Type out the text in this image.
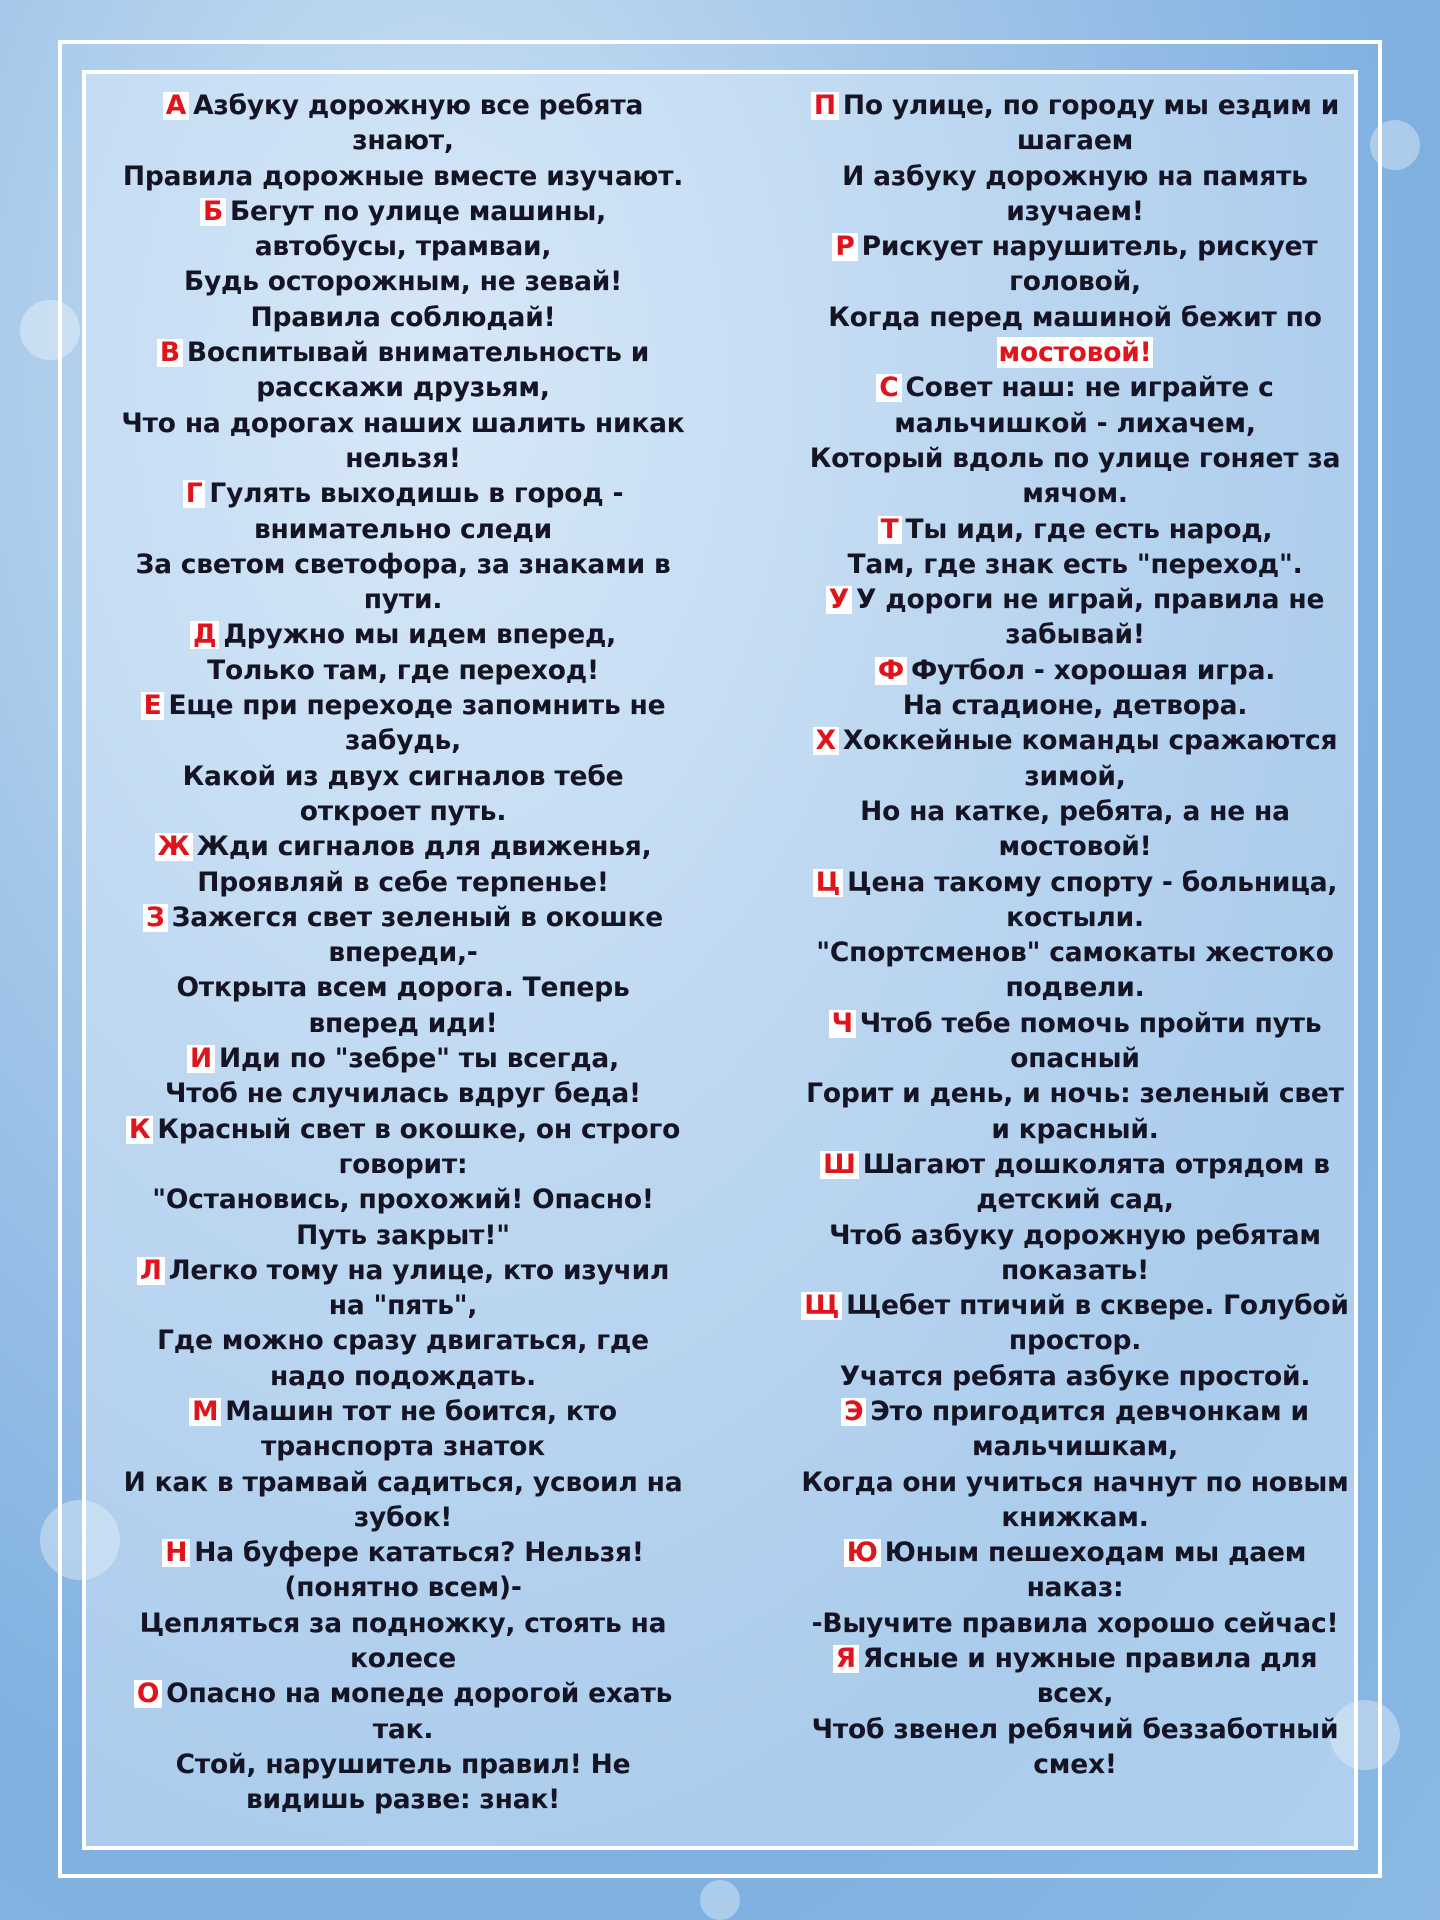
А Азбуку дорожную все ребята
знают,
Правила дорожные вместе изучают.
Б Бегут по улице машины,
автобусы, трамваи,
Будь осторожным, не зевай!
Правила соблюдай!
В Воспитывай внимательность и
расскажи друзьям,
Что на дорогах наших шалить никак
нельзя!
Г Гулять выходишь в город -
внимательно следи
За светом светофора, за знаками в
пути.
Д Дружно мы идем вперед,
Только там, где переход!
Е Еще при переходе запомнить не
забудь,
Какой из двух сигналов тебе
откроет путь.
Ж Жди сигналов для движенья,
Проявляй в себе терпенье!
З Зажегся свет зеленый в окошке
впереди,-
Открыта всем дорога. Теперь
вперед иди!
И Иди по "зебре" ты всегда,
Чтоб не случилась вдруг беда!
К Красный свет в окошке, он строго
говорит:
"Остановись, прохожий! Опасно!
Путь закрыт!"
Л Легко тому на улице, кто изучил
на "пять",
Где можно сразу двигаться, где
надо подождать.
М Машин тот не боится, кто
транспорта знаток
И как в трамвай садиться, усвоил на
зубок!
Н На буфере кататься? Нельзя!
(понятно всем)-
Цепляться за подножку, стоять на
колесе
О Опасно на мопеде дорогой ехать
так.
Стой, нарушитель правил! Не
видишь разве: знак!
П По улице, по городу мы ездим и
шагаем
И азбуку дорожную на память
изучаем!
Р Рискует нарушитель, рискует
головой,
Когда перед машиной бежит по
мостовой!
С Совет наш: не играйте с
мальчишкой - лихачем,
Который вдоль по улице гоняет за
мячом.
Т Ты иди, где есть народ,
Там, где знак есть "переход".
У У дороги не играй, правила не
забывай!
Ф Футбол - хорошая игра.
На стадионе, детвора.
Х Хоккейные команды сражаются
зимой,
Но на катке, ребята, а не на
мостовой!
Ц Цена такому спорту - больница,
костыли.
"Спортсменов" самокаты жестоко
подвели.
Ч Чтоб тебе помочь пройти путь
опасный
Горит и день, и ночь: зеленый свет
и красный.
Ш Шагают дошколята отрядом в
детский сад,
Чтоб азбуку дорожную ребятам
показать!
Щ Щебет птичий в сквере. Голубой
простор.
Учатся ребята азбуке простой.
Э Это пригодится девчонкам и
мальчишкам,
Когда они учиться начнут по новым
книжкам.
Ю Юным пешеходам мы даем
наказ:
-Выучите правила хорошо сейчас!
Я Ясные и нужные правила для
всех,
Чтоб звенел ребячий беззаботный
смех!
